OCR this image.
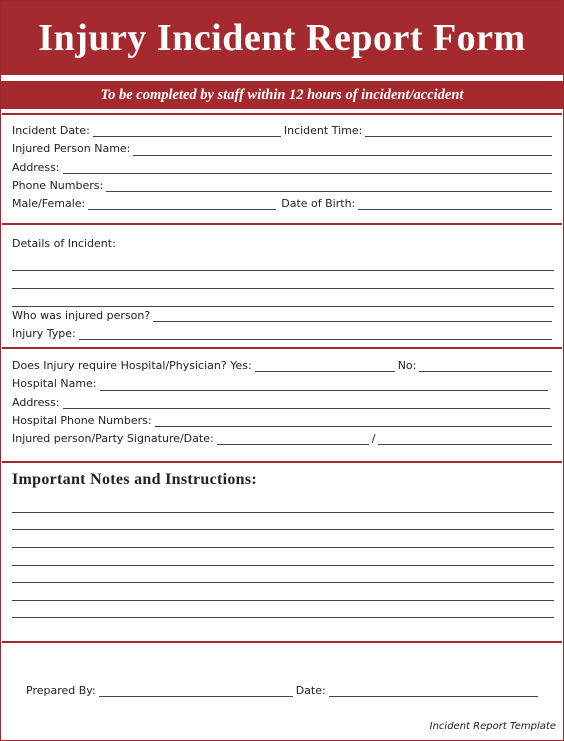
Injury Incident Report Form
To be completed by staff within 12 hours of incident/accident
Incident Date:	Incident Time:
Injured Person Name:
Address:
Phone Numbers:
Male/Female:	Date of Birth:
Details of Incident:
Who was injured person?
Injury Type:
Does Injury require Hospital/Physician? Yes:	No:
Hospital Name:
Address:
Hospital Phone Numbers:
Injured person/Party Signature/Date:	/
Important Notes and Instructions:
Prepared By:	Date:
Incident Report Template
